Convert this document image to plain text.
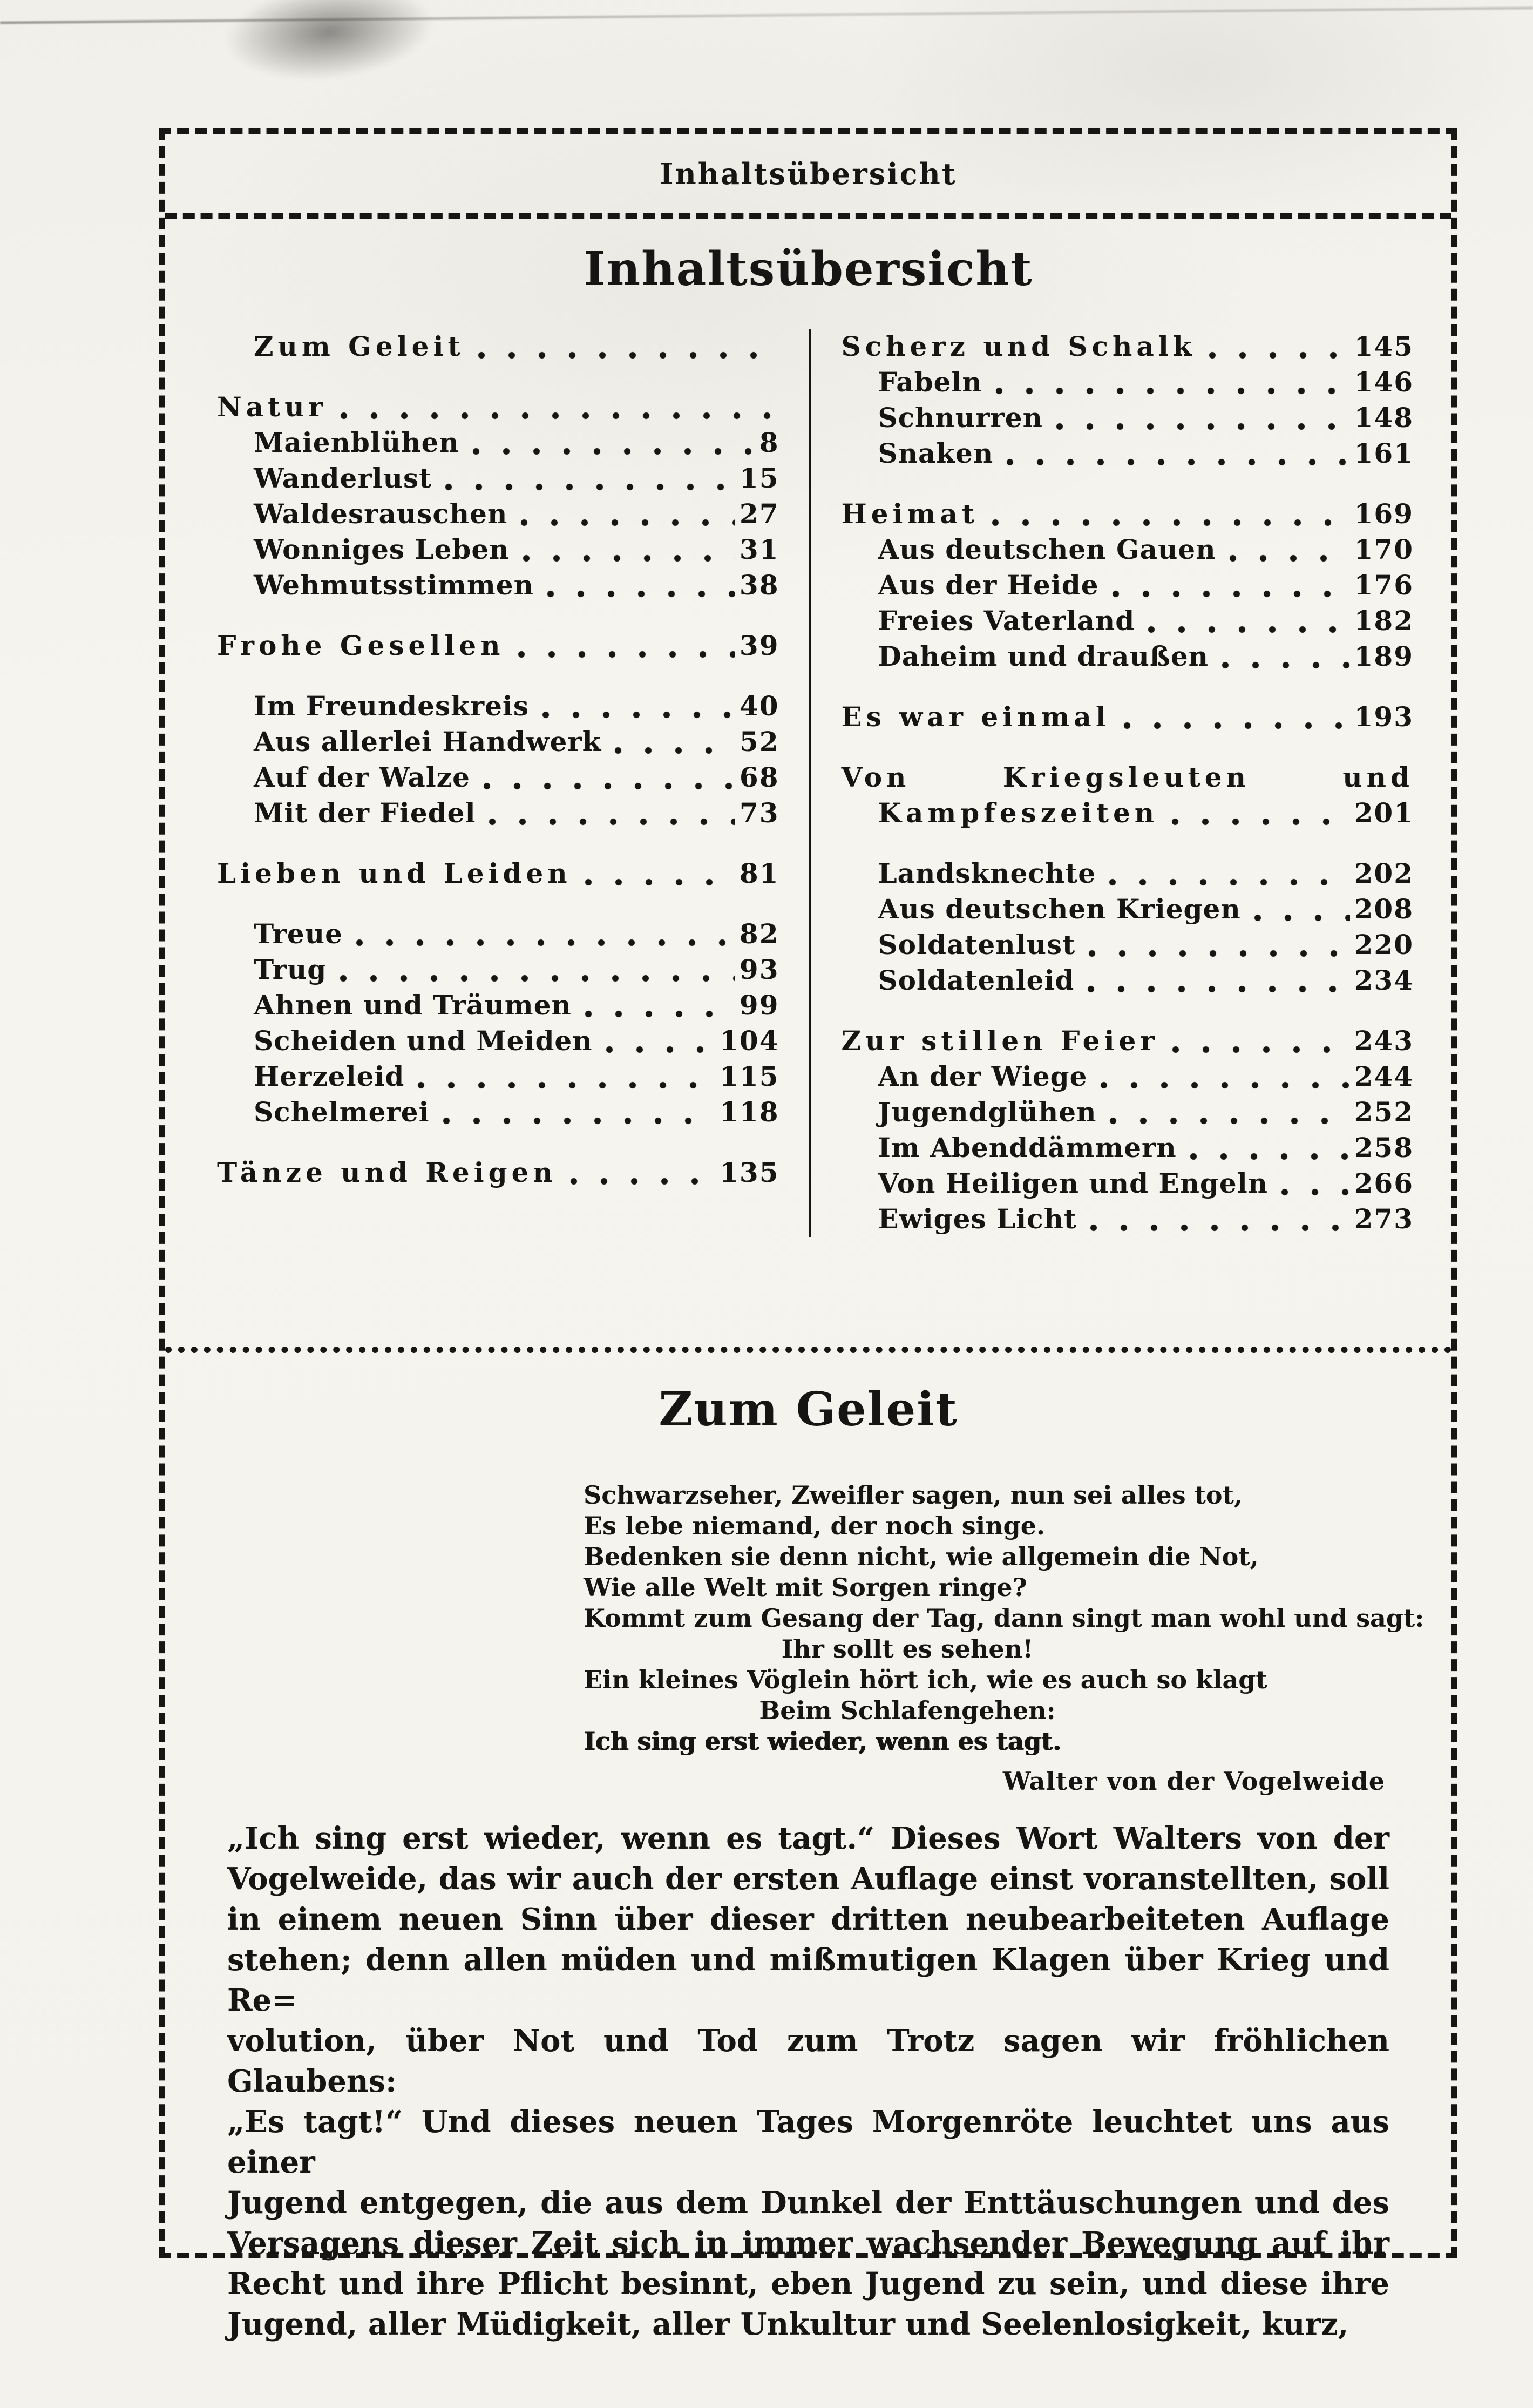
Inhaltsübersicht
Inhaltsübersicht
Zum Geleit
Natur
Maienblühen	8
Wanderlust	15
Waldesrauschen	27
Wonniges Leben	31
Wehmutsstimmen	38
Frohe Gesellen	39
Im Freundeskreis	40
Aus allerlei Handwerk	52
Auf der Walze	68
Mit der Fiedel	73
Lieben und Leiden	81
Treue	82
Trug	93
Ahnen und Träumen	99
Scheiden und Meiden	104
Herzeleid	115
Schelmerei	118
Tänze und Reigen	135
Scherz und Schalk	145
Fabeln	146
Schnurren	148
Snaken	161
Heimat	169
Aus deutschen Gauen	170
Aus der Heide	176
Freies Vaterland	182
Daheim und draußen	189
Es war einmal	193
Von Kriegsleuten und
Kampfeszeiten	201
Landsknechte	202
Aus deutschen Kriegen	208
Soldatenlust	220
Soldatenleid	234
Zur stillen Feier	243
An der Wiege	244
Jugendglühen	252
Im Abenddämmern	258
Von Heiligen und Engeln	266
Ewiges Licht	273
Zum Geleit
Schwarzseher, Zweifler sagen, nun sei alles tot,
Es lebe niemand, der noch singe.
Bedenken sie denn nicht, wie allgemein die Not,
Wie alle Welt mit Sorgen ringe?
Kommt zum Gesang der Tag, dann singt man wohl und sagt:
Ihr sollt es sehen!
Ein kleines Vöglein hört ich, wie es auch so klagt
Beim Schlafengehen:
Ich sing erst wieder, wenn es tagt.
Walter von der Vogelweide
„Ich sing erst wieder, wenn es tagt.“ Dieses Wort Walters von der
Vogelweide, das wir auch der ersten Auflage einst voranstellten, soll
in einem neuen Sinn über dieser dritten neubearbeiteten Auflage
stehen; denn allen müden und mißmutigen Klagen über Krieg und Re=
volution, über Not und Tod zum Trotz sagen wir fröhlichen Glaubens:
„Es tagt!“ Und dieses neuen Tages Morgenröte leuchtet uns aus einer
Jugend entgegen, die aus dem Dunkel der Enttäuschungen und des
Versagens dieser Zeit sich in immer wachsender Bewegung auf ihr
Recht und ihre Pflicht besinnt, eben Jugend zu sein, und diese ihre
Jugend, aller Müdigkeit, aller Unkultur und Seelenlosigkeit, kurz,
